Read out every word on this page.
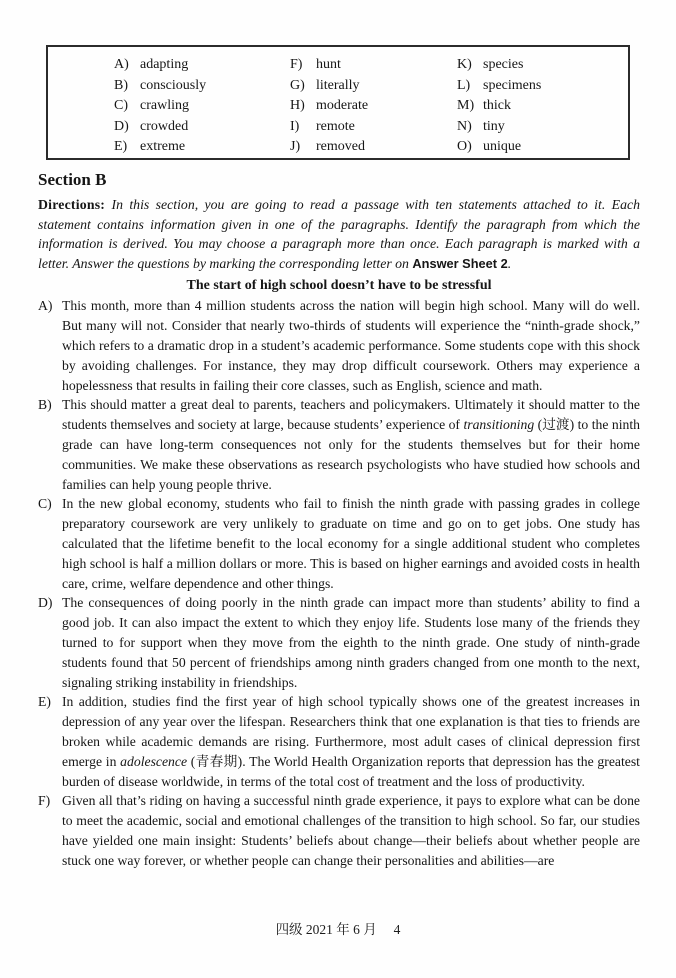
A) adapting	F) hunt	K) species
B) consciously	G) literally	L) specimens
C) crawling	H) moderate	M) thick
D) crowded	I) remote	N) tiny
E) extreme	J) removed	O) unique
Section B

Directions: In this section, you are going to read a passage with ten statements attached to it. Each statement contains information given in one of the paragraphs. Identify the paragraph from which the information is derived. You may choose a paragraph more than once. Each paragraph is marked with a letter. Answer the questions by marking the corresponding letter on Answer Sheet 2.

The start of high school doesn’t have to be stressful

A) This month, more than 4 million students across the nation will begin high school. Many will do well. But many will not. Consider that nearly two-thirds of students will experience the “ninth-grade shock,” which refers to a dramatic drop in a student’s academic performance. Some students cope with this shock by avoiding challenges. For instance, they may drop difficult coursework. Others may experience a hopelessness that results in failing their core classes, such as English, science and math.

B) This should matter a great deal to parents, teachers and policymakers. Ultimately it should matter to the students themselves and society at large, because students’ experience of transitioning (过渡) to the ninth grade can have long-term consequences not only for the students themselves but for their home communities. We make these observations as research psychologists who have studied how schools and families can help young people thrive.

C) In the new global economy, students who fail to finish the ninth grade with passing grades in college preparatory coursework are very unlikely to graduate on time and go on to get jobs. One study has calculated that the lifetime benefit to the local economy for a single additional student who completes high school is half a million dollars or more. This is based on higher earnings and avoided costs in health care, crime, welfare dependence and other things.

D) The consequences of doing poorly in the ninth grade can impact more than students’ ability to find a good job. It can also impact the extent to which they enjoy life. Students lose many of the friends they turned to for support when they move from the eighth to the ninth grade. One study of ninth-grade students found that 50 percent of friendships among ninth graders changed from one month to the next, signaling striking instability in friendships.

E) In addition, studies find the first year of high school typically shows one of the greatest increases in depression of any year over the lifespan. Researchers think that one explanation is that ties to friends are broken while academic demands are rising. Furthermore, most adult cases of clinical depression first emerge in adolescence (青春期). The World Health Organization reports that depression has the greatest burden of disease worldwide, in terms of the total cost of treatment and the loss of productivity.

F) Given all that’s riding on having a successful ninth grade experience, it pays to explore what can be done to meet the academic, social and emotional challenges of the transition to high school. So far, our studies have yielded one main insight: Students’ beliefs about change—their beliefs about whether people are stuck one way forever, or whether people can change their personalities and abilities—are

四级 2021 年 6 月　 4
